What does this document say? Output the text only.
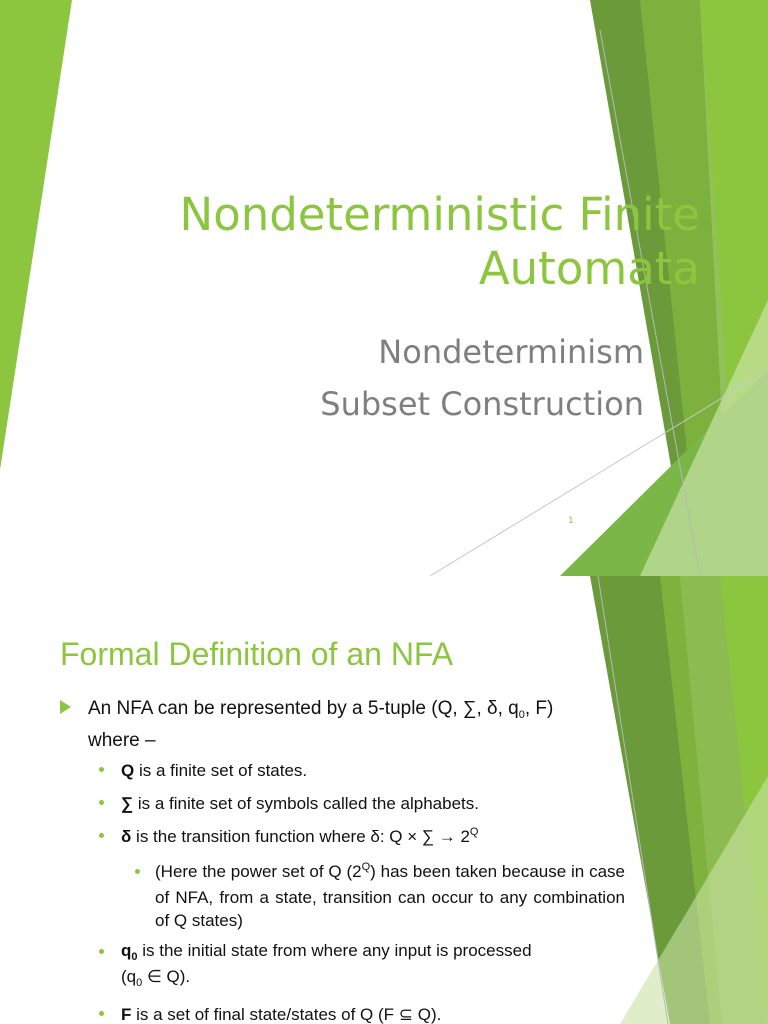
Nondeterministic Finite
Automata
Nondeterminism
Subset Construction
1
Formal Definition of an NFA
An NFA can be represented by a 5-tuple (Q, ∑, δ, $q_0$, F)
where –
Q is a finite set of states.
∑ is a finite set of symbols called the alphabets.
δ is the transition function where δ: Q × ∑ → $2^Q$
(Here the power set of Q $(2^Q)$ has been taken because in case of NFA, from a state, transition can occur to any combination of Q states)
$q_0$ is the initial state from where any input is processed
($q_0$ ∈ Q).
F is a set of final state/states of Q (F ⊆ Q).
